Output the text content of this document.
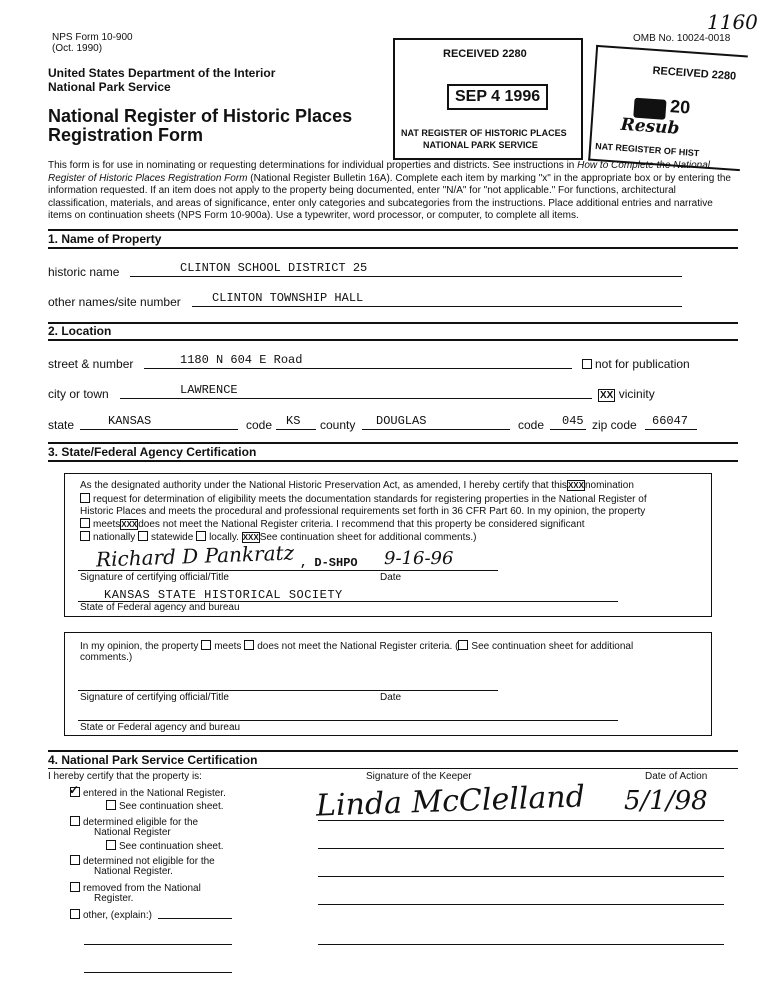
NPS Form 10-900
(Oct. 1990)
OMB No. 10024-0018
1160
United States Department of the Interior
National Park Service
National Register of Historic Places
Registration Form
RECEIVED 2280
SEP 4 1996
NAT REGISTER OF HISTORIC PLACES
NATIONAL PARK SERVICE
RECEIVED 2280
20
Resub
NAT REGISTER OF HIST
This form is for use in nominating or requesting determinations for individual properties and districts. See instructions in How to Complete the National Register of Historic Places Registration Form (National Register Bulletin 16A). Complete each item by marking "x" in the appropriate box or by entering the information requested. If an item does not apply to the property being documented, enter "N/A" for "not applicable." For functions, architectural classification, materials, and areas of significance, enter only categories and subcategories from the instructions. Place additional entries and narrative items on continuation sheets (NPS Form 10-900a). Use a typewriter, word processor, or computer, to complete all items.
1. Name of Property
historic name	CLINTON SCHOOL DISTRICT 25
other names/site number	CLINTON TOWNSHIP HALL
2. Location
street & number	1180 N 604 E Road	not for publication
city or town	LAWRENCE	XX vicinity
state	KANSAS	code KS county DOUGLAS	code 045 zip code 66047
3. State/Federal Agency Certification
As the designated authority under the National Historic Preservation Act, as amended, I hereby certify that thisXXXnomination
request for determination of eligibility meets the documentation standards for registering properties in the National Register of
Historic Places and meets the procedural and professional requirements set forth in 36 CFR Part 60. In my opinion, the property
meetsXXXdoes not meet the National Register criteria. I recommend that this property be considered significant
nationally statewide locally. XXXSee continuation sheet for additional comments.)
Richard D Pankratz , D-SHPO 9-16-96
Signature of certifying official/Title	Date
KANSAS STATE HISTORICAL SOCIETY
State of Federal agency and bureau
In my opinion, the property meets does not meet the National Register criteria. ( See continuation sheet for additional
comments.)
Signature of certifying official/Title	Date
State or Federal agency and bureau
4. National Park Service Certification
I hereby certify that the property is:	Signature of the Keeper	Date of Action
Linda McClelland 5/1/98
✓ entered in the National Register.
See continuation sheet.
determined eligible for the
National Register
See continuation sheet.
determined not eligible for the
National Register.
removed from the National
Register.
other, (explain:)
